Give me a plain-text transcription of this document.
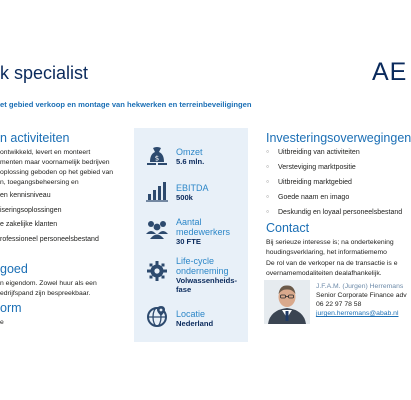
k specialist	AE
et gebied verkoop en montage van hekwerken en terreinbeveiligingen
n activiteiten
ontwikkeld, levert en monteert
menten maar voornamelijk bedrijven
oplossing geboden op het gebied van
n, toegangsbeheersing en
en kennisniveau
iseringsoplossingen
e zakelijke klanten
rofessioneel personeelsbestand
goed
n eigendom. Zowel huur als een
edrijfspand zijn bespreekbaar.
orm
e
$
Omzet
5.6 mln.
EBITDA
500k
Aantal
medewerkers
30 FTE
Life-cycle
onderneming
Volwassenheids-
fase
Locatie
Nederland
Investeringsoverwegingen
○ Uitbreiding van activiteiten
○ Versteviging marktpositie
○ Uitbreiding marktgebied
○ Goede naam en imago
○ Deskundig en loyaal personeelsbestand
Contact
Bij serieuze interesse is; na ondertekening
houdingsverklaring, het informatiememo
De rol van de verkoper na de transactie is e
overnamemodaliteiten dealafhankelijk.
J.F.A.M. (Jurgen) Herremans
Senior Corporate Finance adv
06 22 97 78 58
jurgen.herremans@abab.nl
